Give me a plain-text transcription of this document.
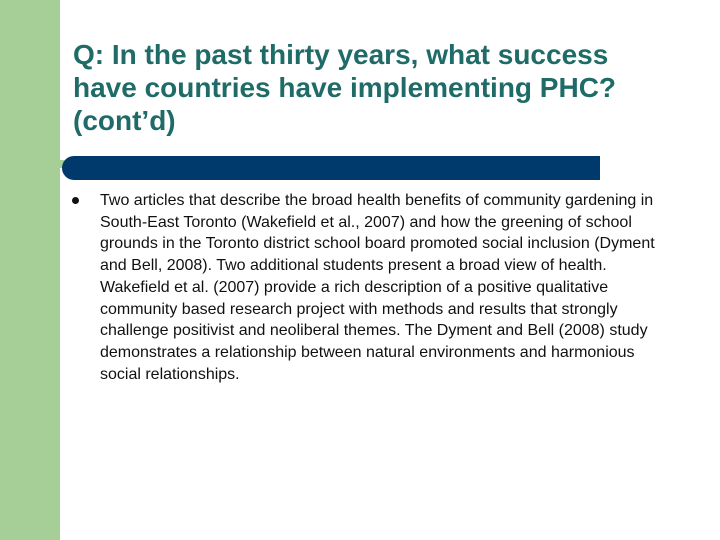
Q: In the past thirty years, what success have countries have implementing PHC? (cont’d)
Two articles that describe the broad health benefits of community gardening in South-East Toronto (Wakefield et al., 2007) and how the greening of school grounds in the Toronto district school board promoted social inclusion (Dyment and Bell, 2008). Two additional students present a broad view of health. Wakefield et al. (2007) provide a rich description of a positive qualitative community based research project with methods and results that strongly challenge positivist and neoliberal themes. The Dyment and Bell (2008) study demonstrates a relationship between natural environments and harmonious social relationships.
